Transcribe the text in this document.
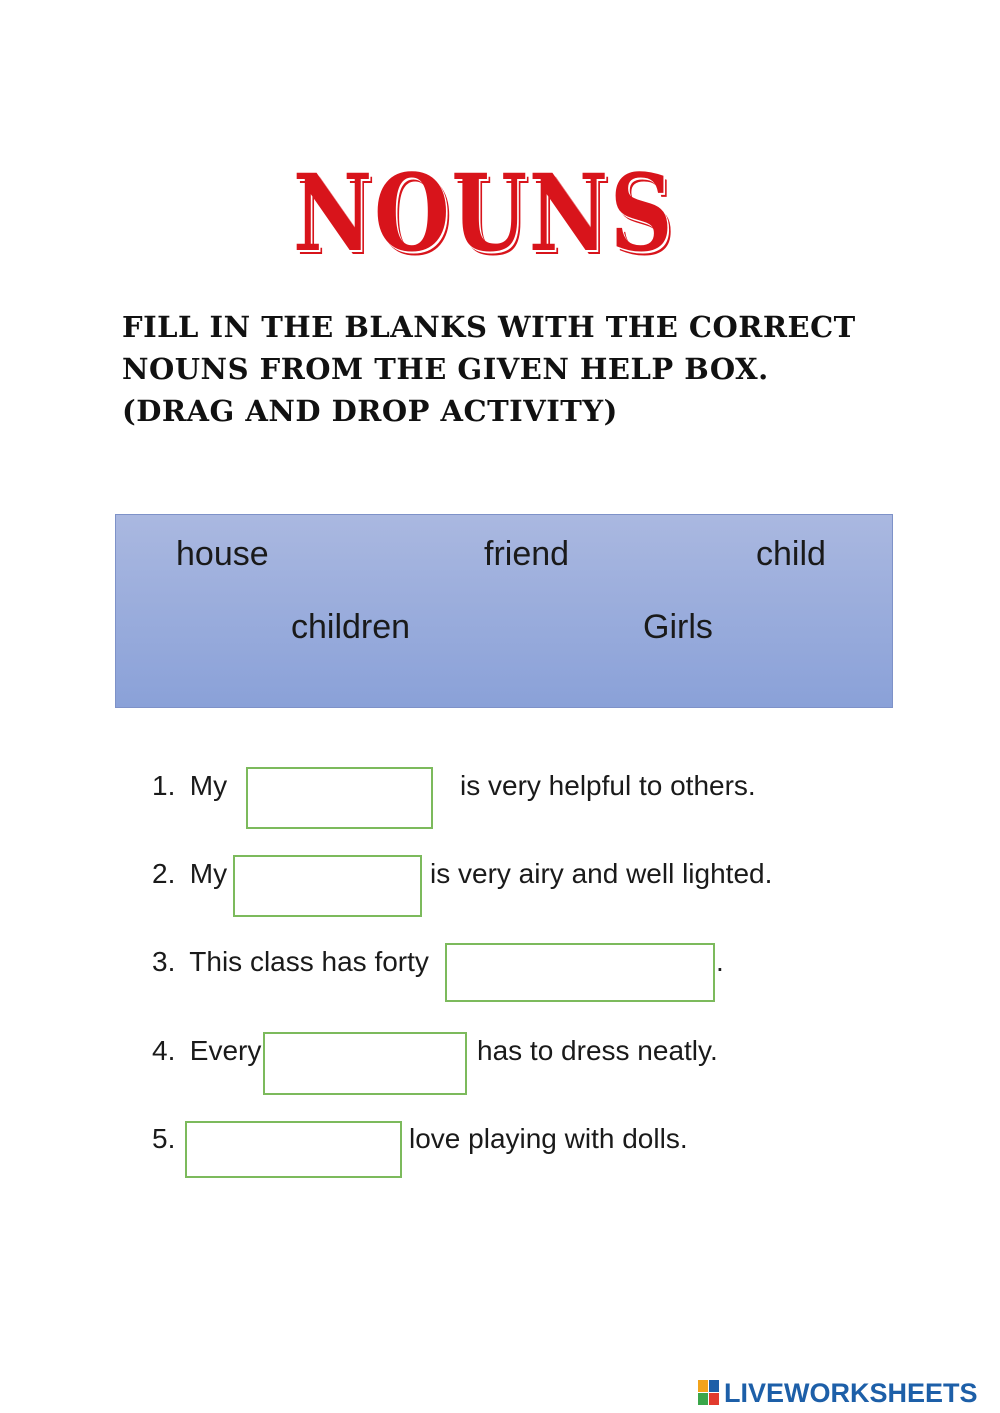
NOUNS
FILL IN THE BLANKS WITH THE CORRECT
NOUNS FROM THE GIVEN HELP BOX.
(DRAG AND DROP ACTIVITY)
house	friend	child
children	Girls
1. My	is very helpful to others.
2. My	is very airy and well lighted.
3. This class has forty	.
4. Every	has to dress neatly.
5.	love playing with dolls.
LIVEWORKSHEETS
